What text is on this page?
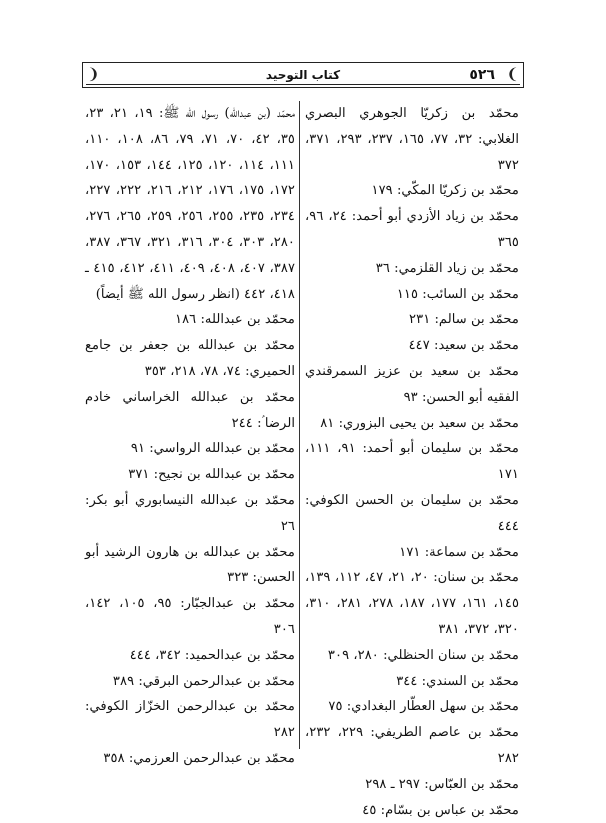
❨
٥٢٦
كتاب التوحيد
❩

محمّد بن زكريّا الجوهري البصري الغلابي: ٣٢، ٧٧، ١٦٥، ٢٣٧، ٢٩٣، ٣٧١، ٣٧٢

محمّد بن زكريّا المكّي: ١٧٩

محمّد بن زياد الأزدي أبو أحمد: ٢٤، ٩٦، ٣٦٥

محمّد بن زياد القلزمي: ٣٦

محمّد بن السائب: ١١٥

محمّد بن سالم: ٢٣١

محمّد بن سعيد: ٤٤٧

محمّد بن سعيد بن عزيز السمرقندي الفقيه أبو الحسن: ٩٣

محمّد بن سعيد بن يحيى البزوري: ٨١

محمّد بن سليمان أبو أحمد: ٩١، ١١١، ١٧١

محمّد بن سليمان بن الحسن الكوفي: ٤٤٤

محمّد بن سماعة: ١٧١

محمّد بن سنان: ٢٠، ٢١، ٤٧، ١١٢، ١٣٩، ١٤٥، ١٦١، ١٧٧، ١٨٧، ٢٧٨، ٢٨١، ٣١٠، ٣٢٠، ٣٧٢، ٣٨١

محمّد بن سنان الحنظلي: ٢٨٠، ٣٠٩

محمّد بن السندي: ٣٤٤

محمّد بن سهل العطّار البغدادي: ٧٥

محمّد بن عاصم الطريفي: ٢٢٩، ٢٣٢، ٢٨٢

محمّد بن العبّاس: ٢٩٧ ـ ٢٩٨

محمّد بن عباس بن بسّام: ٤٥

محمّد (بن عبدالله) رسول الله ﷺ: ١٩، ٢١، ٢٣، ٣٥، ٤٢، ٧٠، ٧١، ٧٩، ٨٦، ١٠٨، ١١٠، ١١١، ١١٤، ١٢٠، ١٢٥، ١٤٤، ١٥٣، ١٧٠، ١٧٢، ١٧٥، ١٧٦، ٢١٢، ٢١٦، ٢٢٢، ٢٢٧، ٢٣٤، ٢٣٥، ٢٥٥، ٢٥٦، ٢٥٩، ٢٦٥، ٢٧٦، ٢٨٠، ٣٠٣، ٣٠٤، ٣١٦، ٣٢١، ٣٦٧، ٣٨٧، ٣٨٧، ٤٠٧، ٤٠٨، ٤٠٩، ٤١١، ٤١٢، ٤١٥ ـ ٤١٨، ٤٤٢ (انظر رسول الله ﷺ أيضاً)

محمّد بن عبدالله: ١٨٦

محمّد بن عبدالله بن جعفر بن جامع الحميري: ٧٤، ٧٨، ٢١٨، ٣٥٣

محمّد بن عبدالله الخراساني خادم الرضا ؑ: ٢٤٤

محمّد بن عبدالله الرواسي: ٩١

محمّد بن عبدالله بن نجيح: ٣٧١

محمّد بن عبدالله النيسابوري أبو بكر: ٢٦

محمّد بن عبدالله بن هارون الرشيد أبو الحسن: ٣٢٣

محمّد بن عبدالجبّار: ٩٥، ١٠٥، ١٤٢، ٣٠٦

محمّد بن عبدالحميد: ٣٤٢، ٤٤٤

محمّد بن عبدالرحمن البرقي: ٣٨٩

محمّد بن عبدالرحمن الخزّاز الكوفي: ٢٨٢

محمّد بن عبدالرحمن العرزمي: ٣٥٨
